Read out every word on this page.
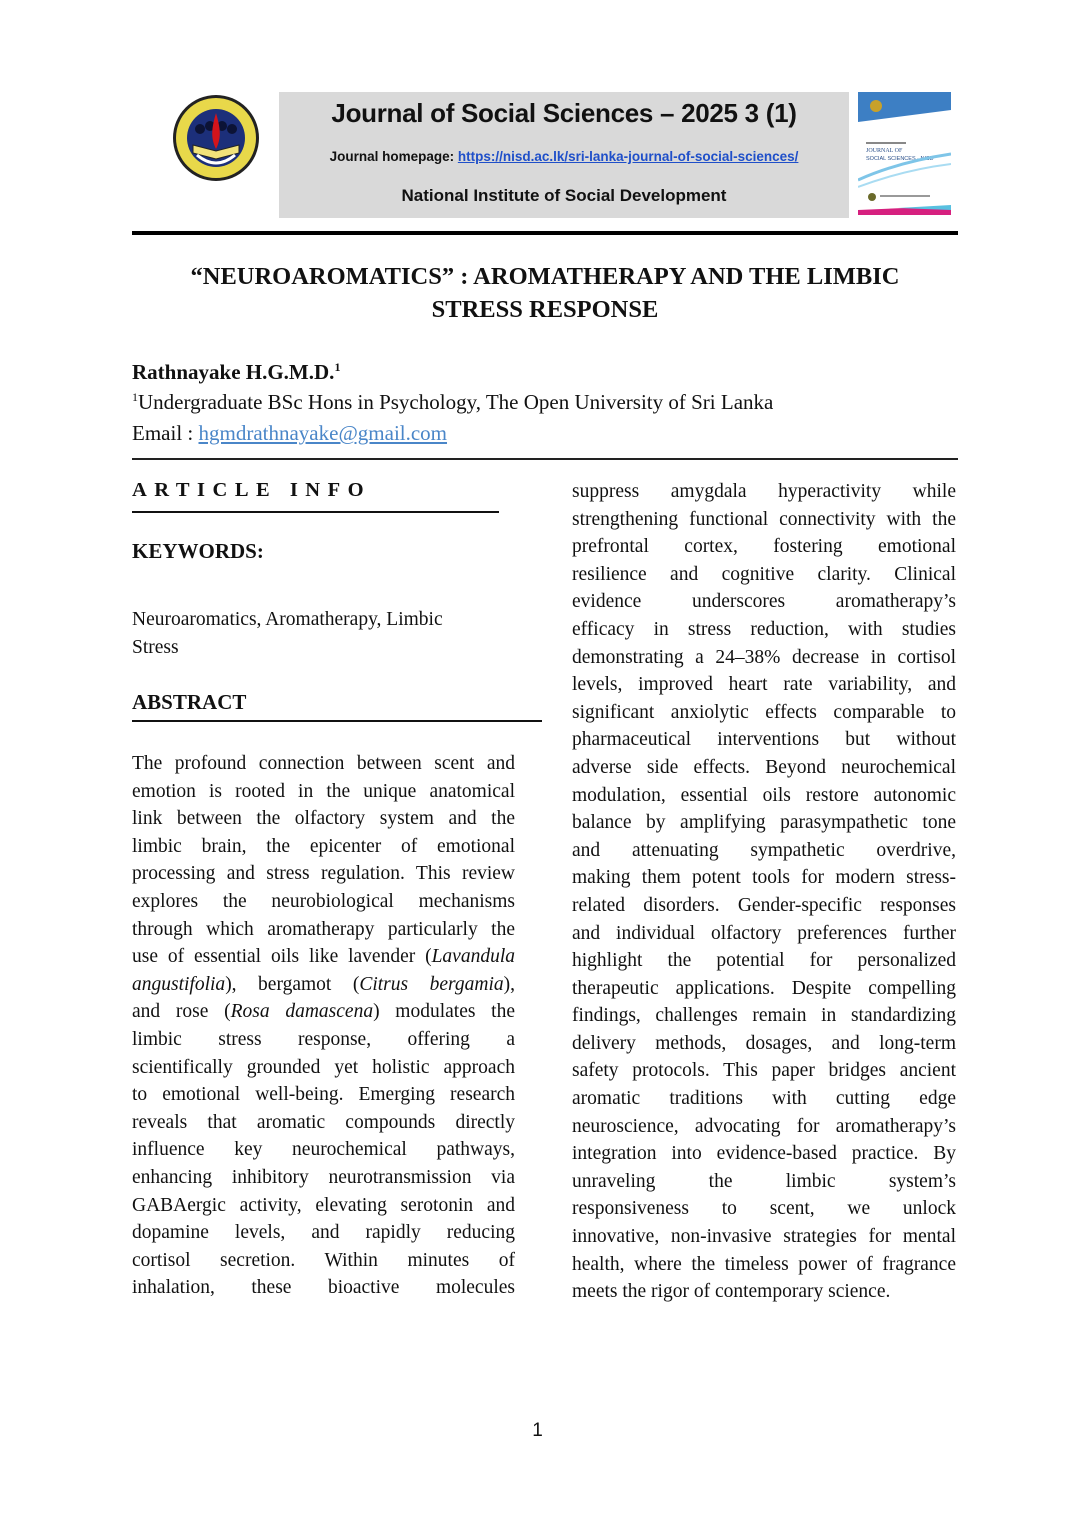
Journal of Social Sciences – 2025 3 (1)
Journal homepage: https://nisd.ac.lk/sri-lanka-journal-of-social-sciences/
National Institute of Social Development
JOURNAL OF
SOCIAL SCIENCES - NISD
“NEUROAROMATICS” : AROMATHERAPY AND THE LIMBIC
STRESS RESPONSE
Rathnayake H.G.M.D.$^1$
$^1$Undergraduate BSc Hons in Psychology, The Open University of Sri Lanka
Email : hgmdrathnayake@gmail.com
ARTICLE INFO
KEYWORDS:
Neuroaromatics, Aromatherapy, Limbic
Stress
ABSTRACT
The profound connection between scent and
emotion is rooted in the unique anatomical
link between the olfactory system and the
limbic brain, the epicenter of emotional
processing and stress regulation. This review
explores the neurobiological mechanisms
through which aromatherapy particularly the
use of essential oils like lavender (Lavandula
angustifolia), bergamot (Citrus bergamia),
and rose (Rosa damascena) modulates the
limbic stress response, offering a
scientifically grounded yet holistic approach
to emotional well-being. Emerging research
reveals that aromatic compounds directly
influence key neurochemical pathways,
enhancing inhibitory neurotransmission via
GABAergic activity, elevating serotonin and
dopamine levels, and rapidly reducing
cortisol secretion. Within minutes of
inhalation, these bioactive molecules
suppress amygdala hyperactivity while
strengthening functional connectivity with the
prefrontal cortex, fostering emotional
resilience and cognitive clarity. Clinical
evidence underscores aromatherapy’s
efficacy in stress reduction, with studies
demonstrating a 24–38% decrease in cortisol
levels, improved heart rate variability, and
significant anxiolytic effects comparable to
pharmaceutical interventions but without
adverse side effects. Beyond neurochemical
modulation, essential oils restore autonomic
balance by amplifying parasympathetic tone
and attenuating sympathetic overdrive,
making them potent tools for modern stress-
related disorders. Gender-specific responses
and individual olfactory preferences further
highlight the potential for personalized
therapeutic applications. Despite compelling
findings, challenges remain in standardizing
delivery methods, dosages, and long-term
safety protocols. This paper bridges ancient
aromatic traditions with cutting edge
neuroscience, advocating for aromatherapy’s
integration into evidence-based practice. By
unraveling the limbic system’s
responsiveness to scent, we unlock
innovative, non-invasive strategies for mental
health, where the timeless power of fragrance
meets the rigor of contemporary science.
1
